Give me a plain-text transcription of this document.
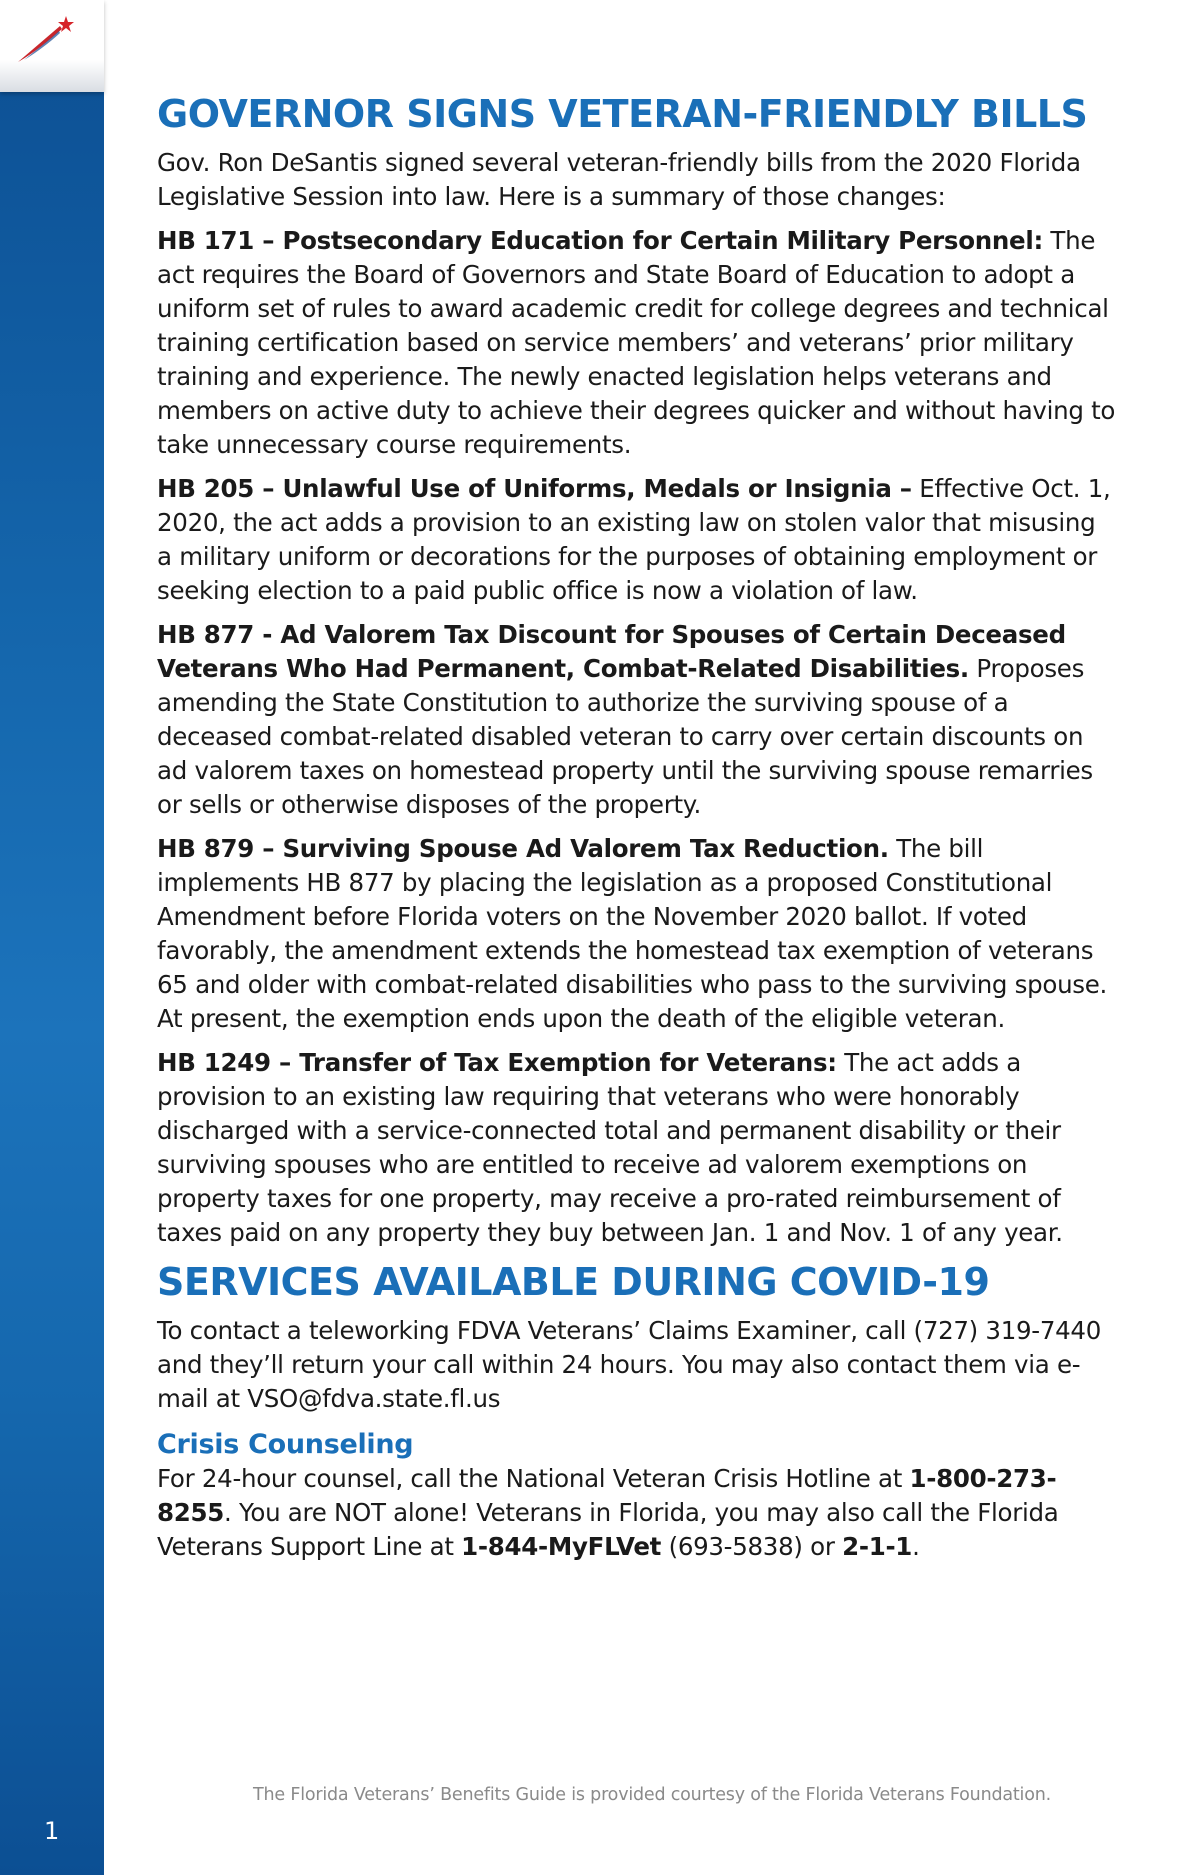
1
GOVERNOR SIGNS VETERAN-FRIENDLY BILLS

Gov. Ron DeSantis signed several veteran-friendly bills from the 2020 Florida Legislative Session into law. Here is a summary of those changes:

HB 171 – Postsecondary Education for Certain Military Personnel: The act requires the Board of Governors and State Board of Education to adopt a uniform set of rules to award academic credit for college degrees and technical training certification based on service members’ and veterans’ prior military training and experience. The newly enacted legislation helps veterans and members on active duty to achieve their degrees quicker and without having to take unnecessary course requirements.

HB 205 – Unlawful Use of Uniforms, Medals or Insignia – Effective Oct. 1, 2020, the act adds a provision to an existing law on stolen valor that misusing a military uniform or decorations for the purposes of obtaining employment or seeking election to a paid public office is now a violation of law.

HB 877 - Ad Valorem Tax Discount for Spouses of Certain Deceased Veterans Who Had Permanent, Combat-Related Disabilities. Proposes amending the State Constitution to authorize the surviving spouse of a deceased combat-related disabled veteran to carry over certain discounts on ad valorem taxes on homestead property until the surviving spouse remarries or sells or otherwise disposes of the property.

HB 879 – Surviving Spouse Ad Valorem Tax Reduction. The bill implements HB 877 by placing the legislation as a proposed Constitutional Amendment before Florida voters on the November 2020 ballot. If voted favorably, the amendment extends the homestead tax exemption of veterans 65 and older with combat-related disabilities who pass to the surviving spouse. At present, the exemption ends upon the death of the eligible veteran.

HB 1249 – Transfer of Tax Exemption for Veterans: The act adds a provision to an existing law requiring that veterans who were honorably discharged with a service-connected total and permanent disability or their surviving spouses who are entitled to receive ad valorem exemptions on property taxes for one property, may receive a pro-rated reimbursement of taxes paid on any property they buy between Jan. 1 and Nov. 1 of any year.

SERVICES AVAILABLE DURING COVID-19

To contact a teleworking FDVA Veterans’ Claims Examiner, call (727) 319-7440 and they’ll return your call within 24 hours. You may also contact them via e-mail at VSO@fdva.state.fl.us

Crisis Counseling

For 24-hour counsel, call the National Veteran Crisis Hotline at 1-800-273-8255. You are NOT alone! Veterans in Florida, you may also call the Florida Veterans Support Line at 1-844-MyFLVet (693-5838) or 2-1-1.

The Florida Veterans’ Benefits Guide is provided courtesy of the Florida Veterans Foundation.
